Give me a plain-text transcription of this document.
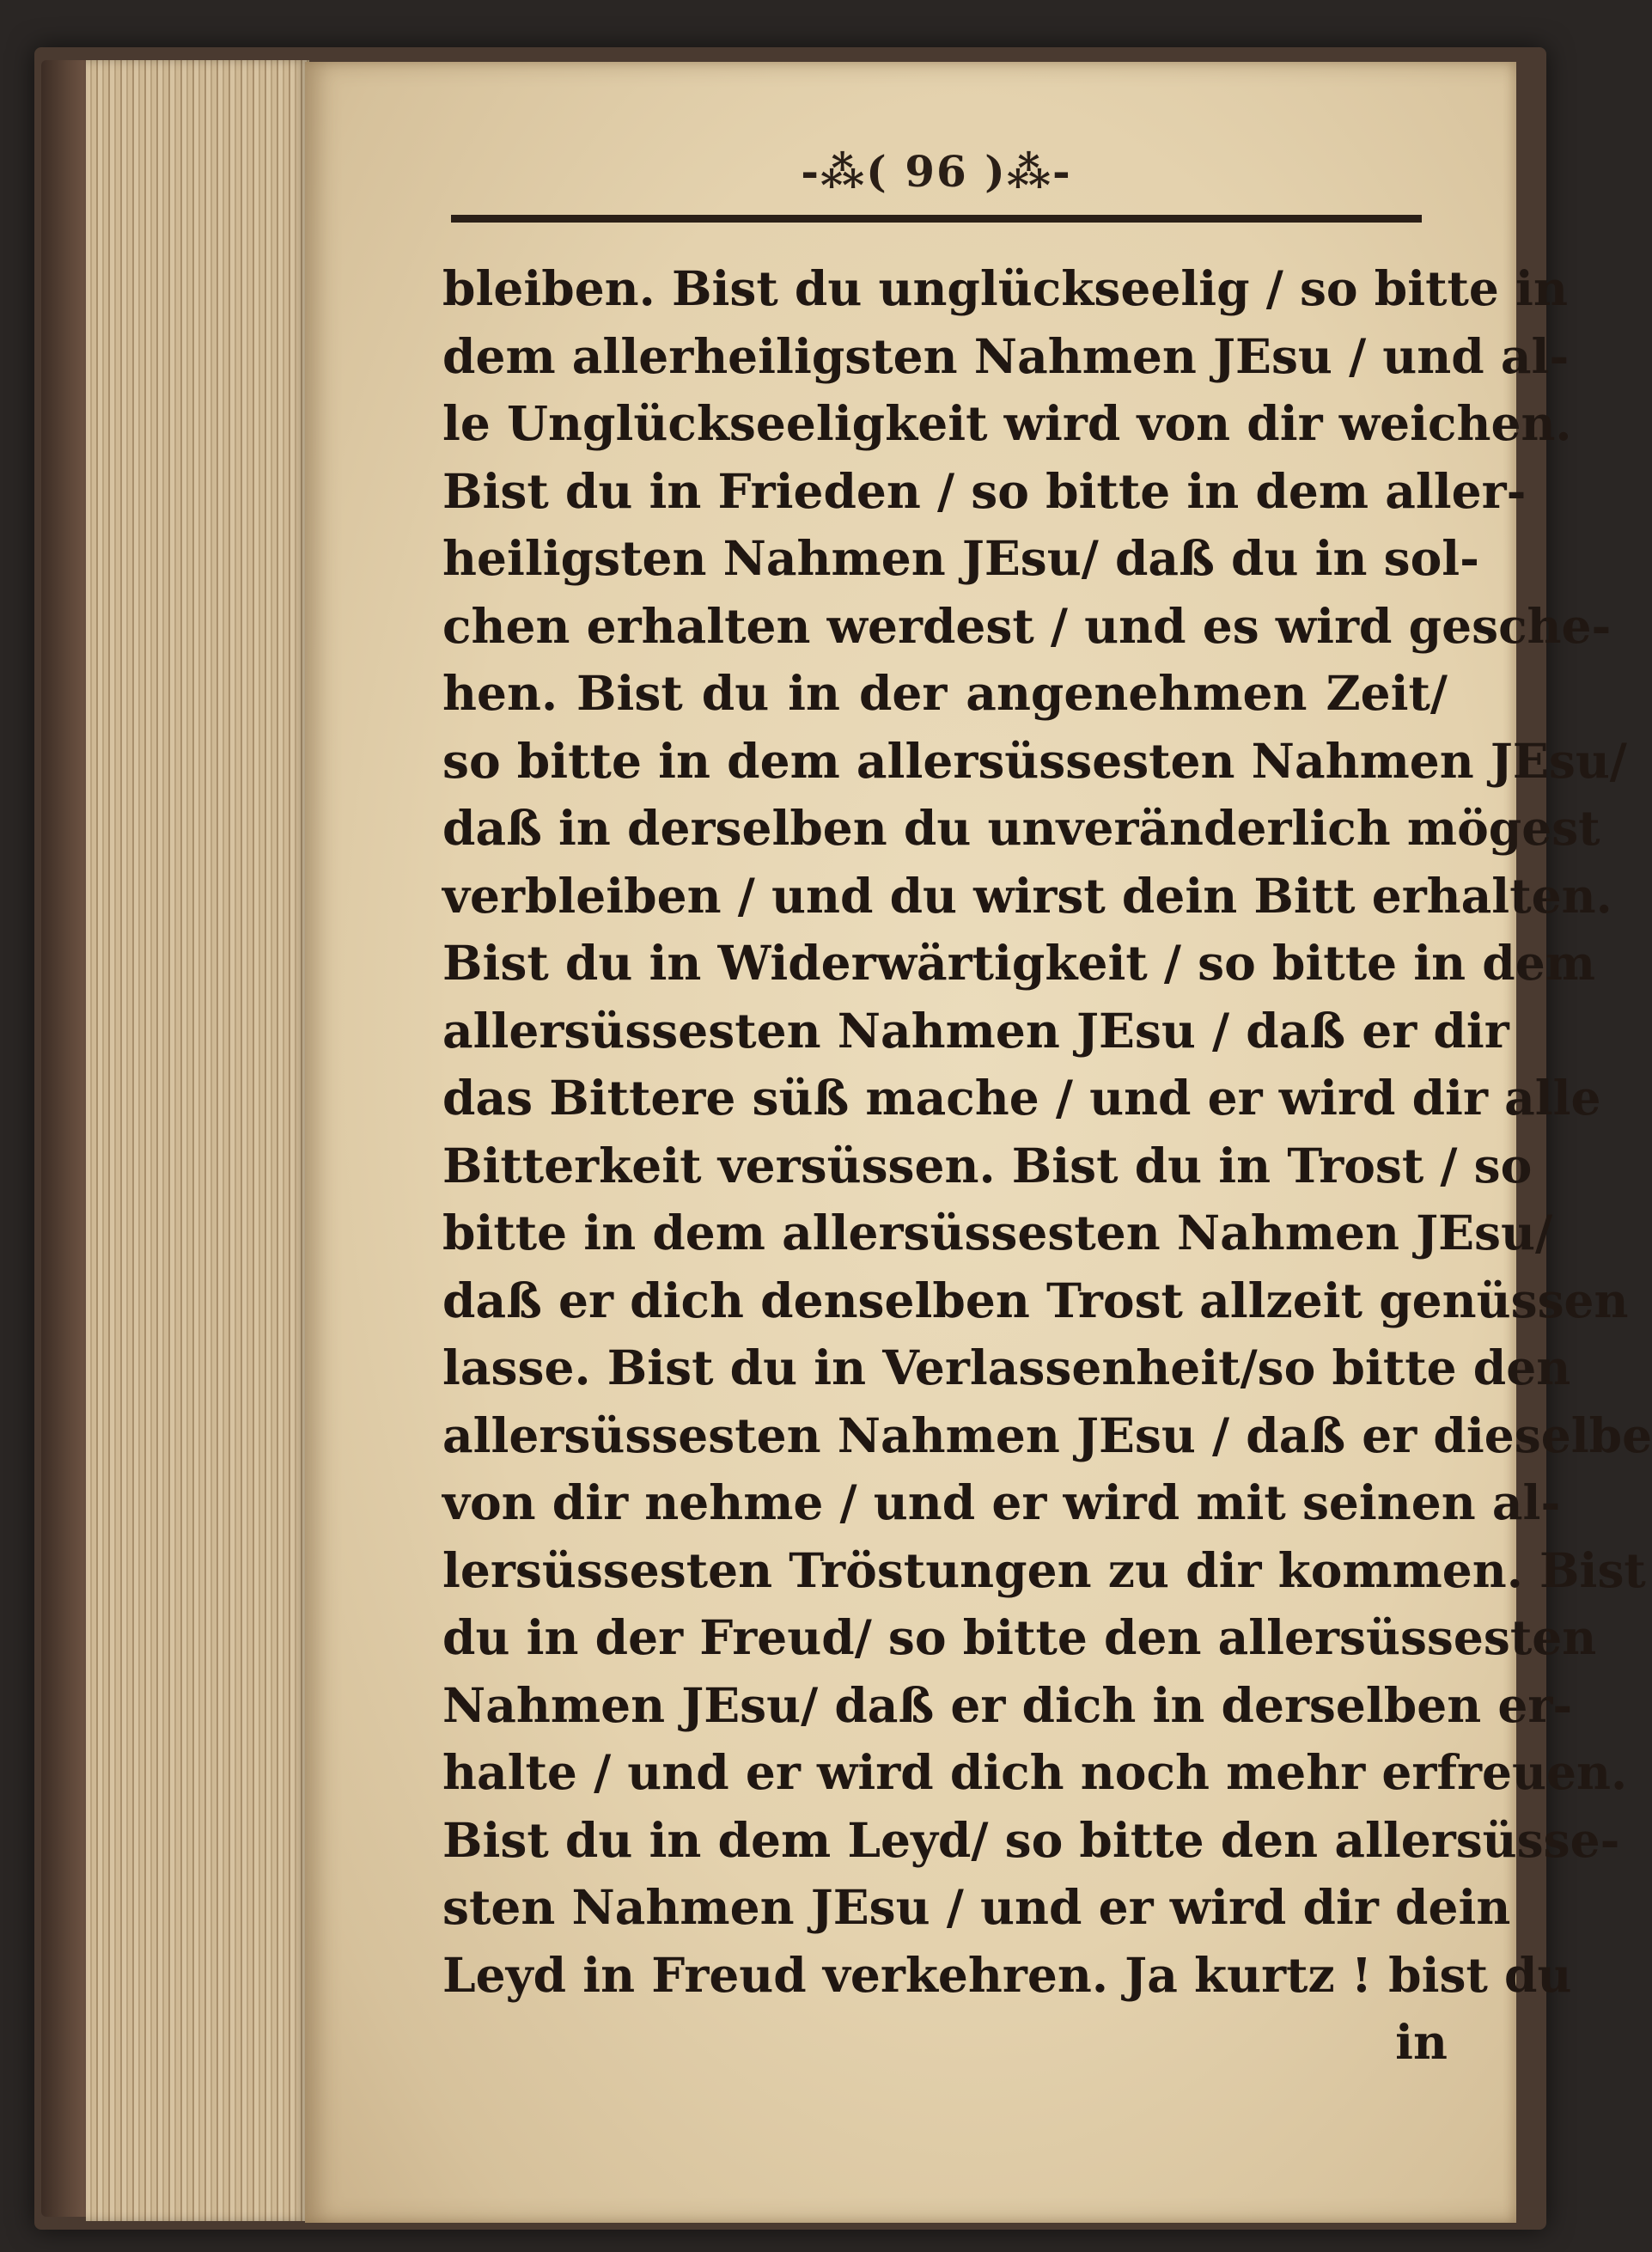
-⁂( 96 )⁂-
bleiben. Bist du unglückseelig / so bitte in
dem allerheiligsten Nahmen JEsu / und al-
le Unglückseeligkeit wird von dir weichen.
Bist du in Frieden / so bitte in dem aller-
heiligsten Nahmen JEsu/ daß du in sol-
chen erhalten werdest / und es wird gesche-
hen. Bist du in der angenehmen Zeit/
so bitte in dem allersüssesten Nahmen JEsu/
daß in derselben du unveränderlich mögest
verbleiben / und du wirst dein Bitt erhalten.
Bist du in Widerwärtigkeit / so bitte in dem
allersüssesten Nahmen JEsu / daß er dir
das Bittere süß mache / und er wird dir alle
Bitterkeit versüssen. Bist du in Trost / so
bitte in dem allersüssesten Nahmen JEsu/
daß er dich denselben Trost allzeit genüssen
lasse. Bist du in Verlassenheit/so bitte den
allersüssesten Nahmen JEsu / daß er dieselbe
von dir nehme / und er wird mit seinen al-
lersüssesten Tröstungen zu dir kommen. Bist
du in der Freud/ so bitte den allersüssesten
Nahmen JEsu/ daß er dich in derselben er-
halte / und er wird dich noch mehr erfreuen.
Bist du in dem Leyd/ so bitte den allersüsse-
sten Nahmen JEsu / und er wird dir dein
Leyd in Freud verkehren. Ja kurtz ! bist du
in
